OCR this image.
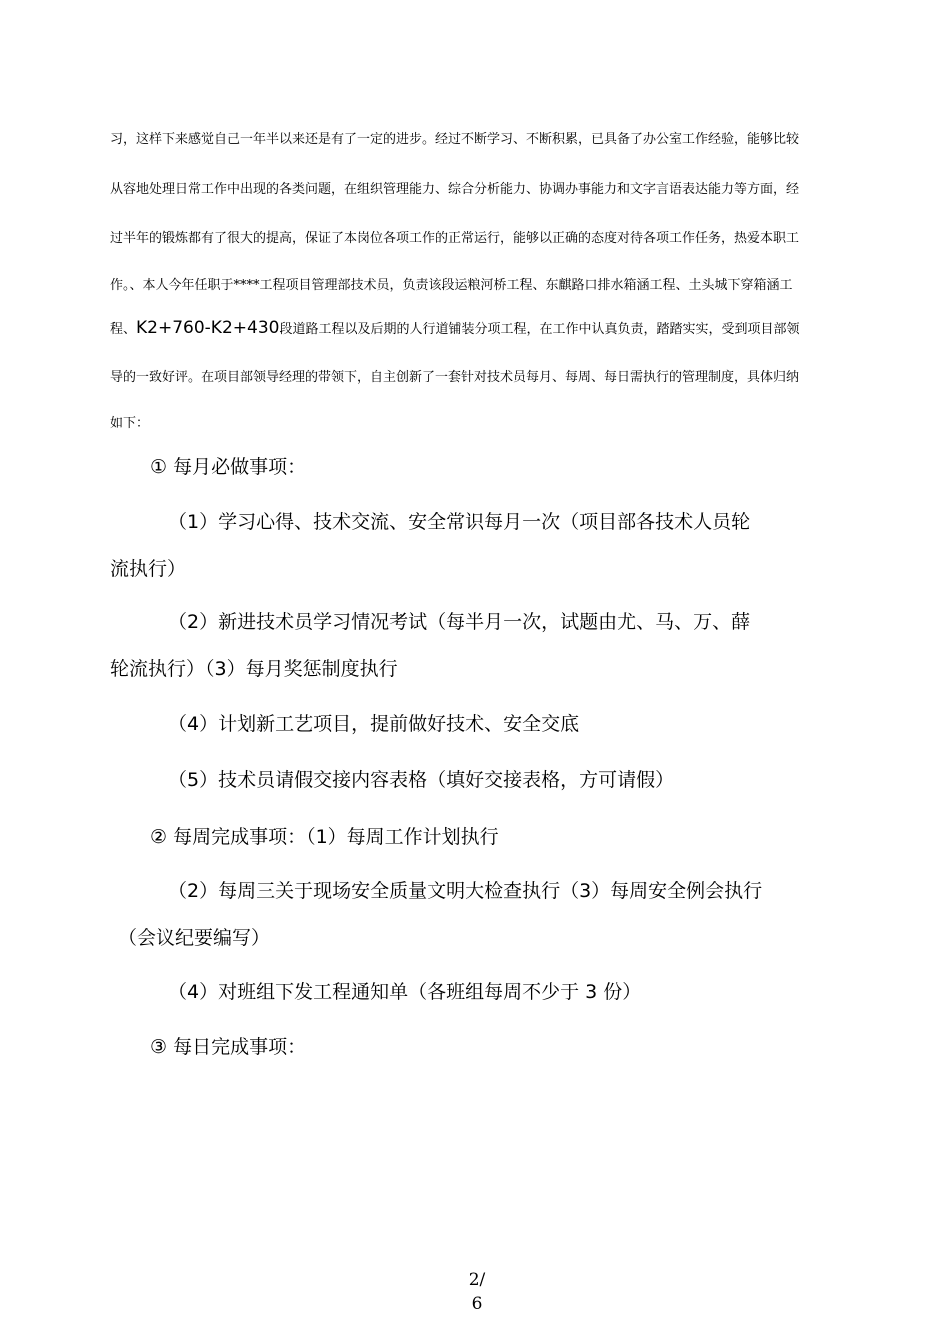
习，这样下来感觉自己一年半以来还是有了一定的进步。经过不断学习、不断积累，已具备了办公室工作经验，能够比较
从容地处理日常工作中出现的各类问题，在组织管理能力、综合分析能力、协调办事能力和文字言语表达能力等方面，经
过半年的锻炼都有了很大的提高，保证了本岗位各项工作的正常运行，能够以正确的态度对待各项工作任务，热爱本职工
作。、本人今年任职于****工程项目管理部技术员，负责该段运粮河桥工程、东麒路口排水箱涵工程、土头城下穿箱涵工
程、K2+760-K2+430段道路工程以及后期的人行道铺装分项工程，在工作中认真负责，踏踏实实，受到项目部领
导的一致好评。在项目部领导经理的带领下，自主创新了一套针对技术员每月、每周、每日需执行的管理制度，具体归纳
如下：
① 每月必做事项：
（1）学习心得、技术交流、安全常识每月一次（项目部各技术人员轮
流执行）
（2）新进技术员学习情况考试（每半月一次，试题由尤、马、万、薛
轮流执行）（3）每月奖惩制度执行
（4）计划新工艺项目，提前做好技术、安全交底
（5）技术员请假交接内容表格（填好交接表格，方可请假）
② 每周完成事项：（1）每周工作计划执行
（2）每周三关于现场安全质量文明大检查执行（3）每周安全例会执行
（会议纪要编写）
（4）对班组下发工程通知单（各班组每周不少于 3 份）
③ 每日完成事项：
2/
6
